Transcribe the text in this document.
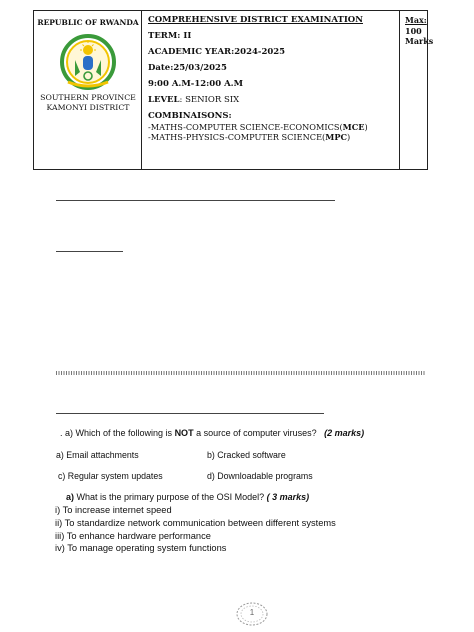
REPUBLIC OF RWANDA
SOUTHERN PROVINCE
KAMONYI DISTRICT
COMPREHENSIVE DISTRICT EXAMINATION
TERM: II
ACADEMIC YEAR:2024-2025
Date:25/03/2025
9:00 A.M-12:00 A.M
LEVEL: SENIOR SIX
COMBINAISONS:
-MATHS-COMPUTER SCIENCE-ECONOMICS(MCE)
-MATHS-PHYSICS-COMPUTER SCIENCE(MPC)
Max:
100 Marks
. a) Which of the following is NOT a source of computer viruses? (2 marks)
a) Email attachments	b) Cracked software
c) Regular system updates	d) Downloadable programs
a) What is the primary purpose of the OSI Model? ( 3 marks)
i) To increase internet speed
ii) To standardize network communication between different systems
iii) To enhance hardware performance
iv) To manage operating system functions
1
